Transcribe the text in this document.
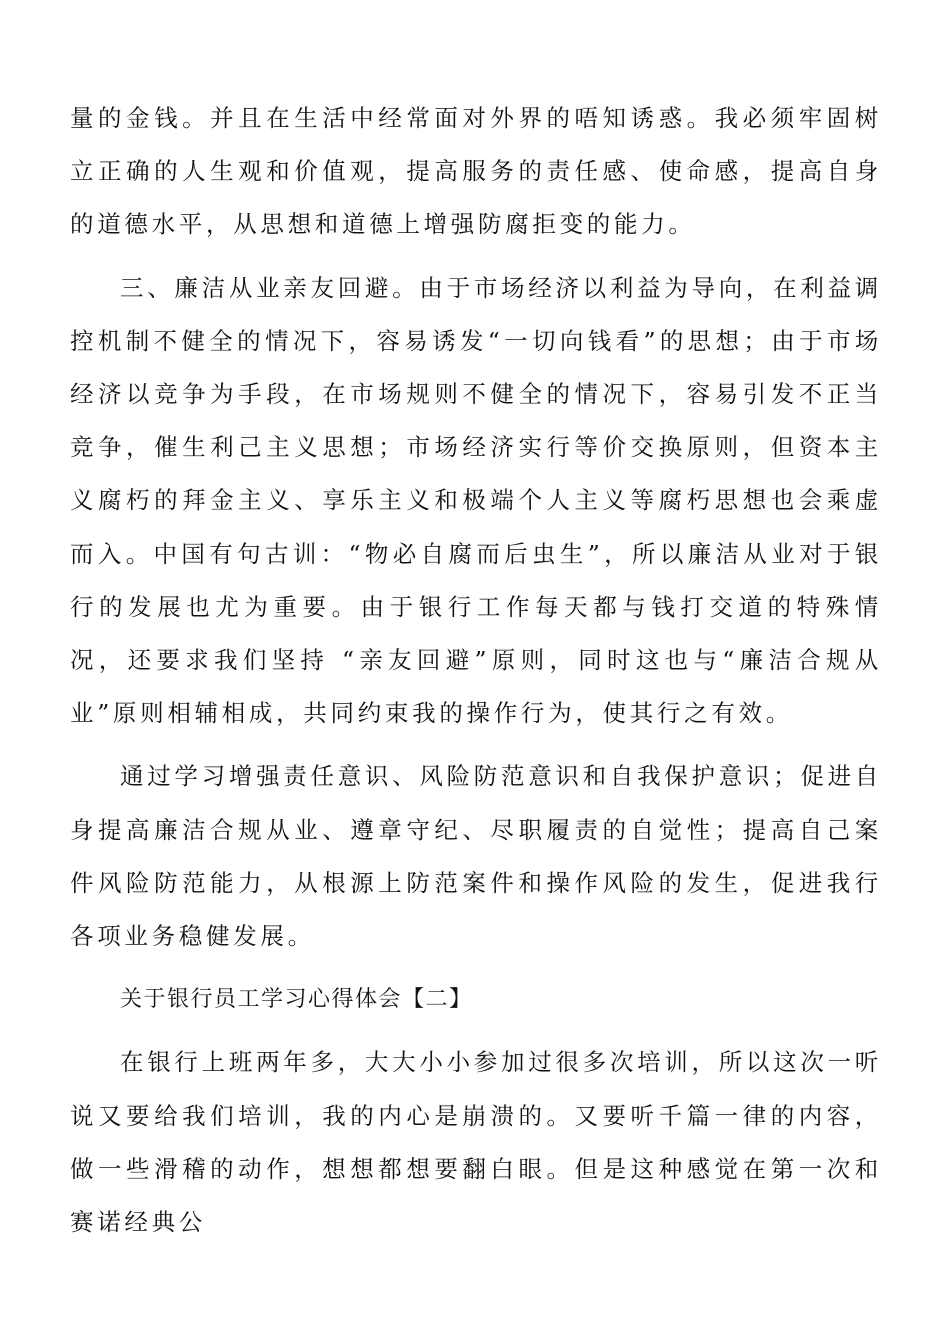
量的金钱。并且在生活中经常面对外界的唔知诱惑。我必须牢固树立正确的人生观和价值观，提高服务的责任感、使命感，提高自身的道德水平，从思想和道德上增强防腐拒变的能力。

三、廉洁从业亲友回避。由于市场经济以利益为导向，在利益调控机制不健全的情况下，容易诱发“一切向钱看”的思想；由于市场经济以竞争为手段，在市场规则不健全的情况下，容易引发不正当竞争，催生利己主义思想；市场经济实行等价交换原则，但资本主义腐朽的拜金主义、享乐主义和极端个人主义等腐朽思想也会乘虚而入。中国有句古训：“物必自腐而后虫生”，所以廉洁从业对于银行的发展也尤为重要。由于银行工作每天都与钱打交道的特殊情况，还要求我们坚持 “亲友回避”原则，同时这也与“廉洁合规从业”原则相辅相成，共同约束我的操作行为，使其行之有效。

通过学习增强责任意识、风险防范意识和自我保护意识；促进自身提高廉洁合规从业、遵章守纪、尽职履责的自觉性；提高自己案件风险防范能力，从根源上防范案件和操作风险的发生，促进我行各项业务稳健发展。

关于银行员工学习心得体会【二】

在银行上班两年多，大大小小参加过很多次培训，所以这次一听说又要给我们培训，我的内心是崩溃的。又要听千篇一律的内容，做一些滑稽的动作，想想都想要翻白眼。但是这种感觉在第一次和赛诺经典公
